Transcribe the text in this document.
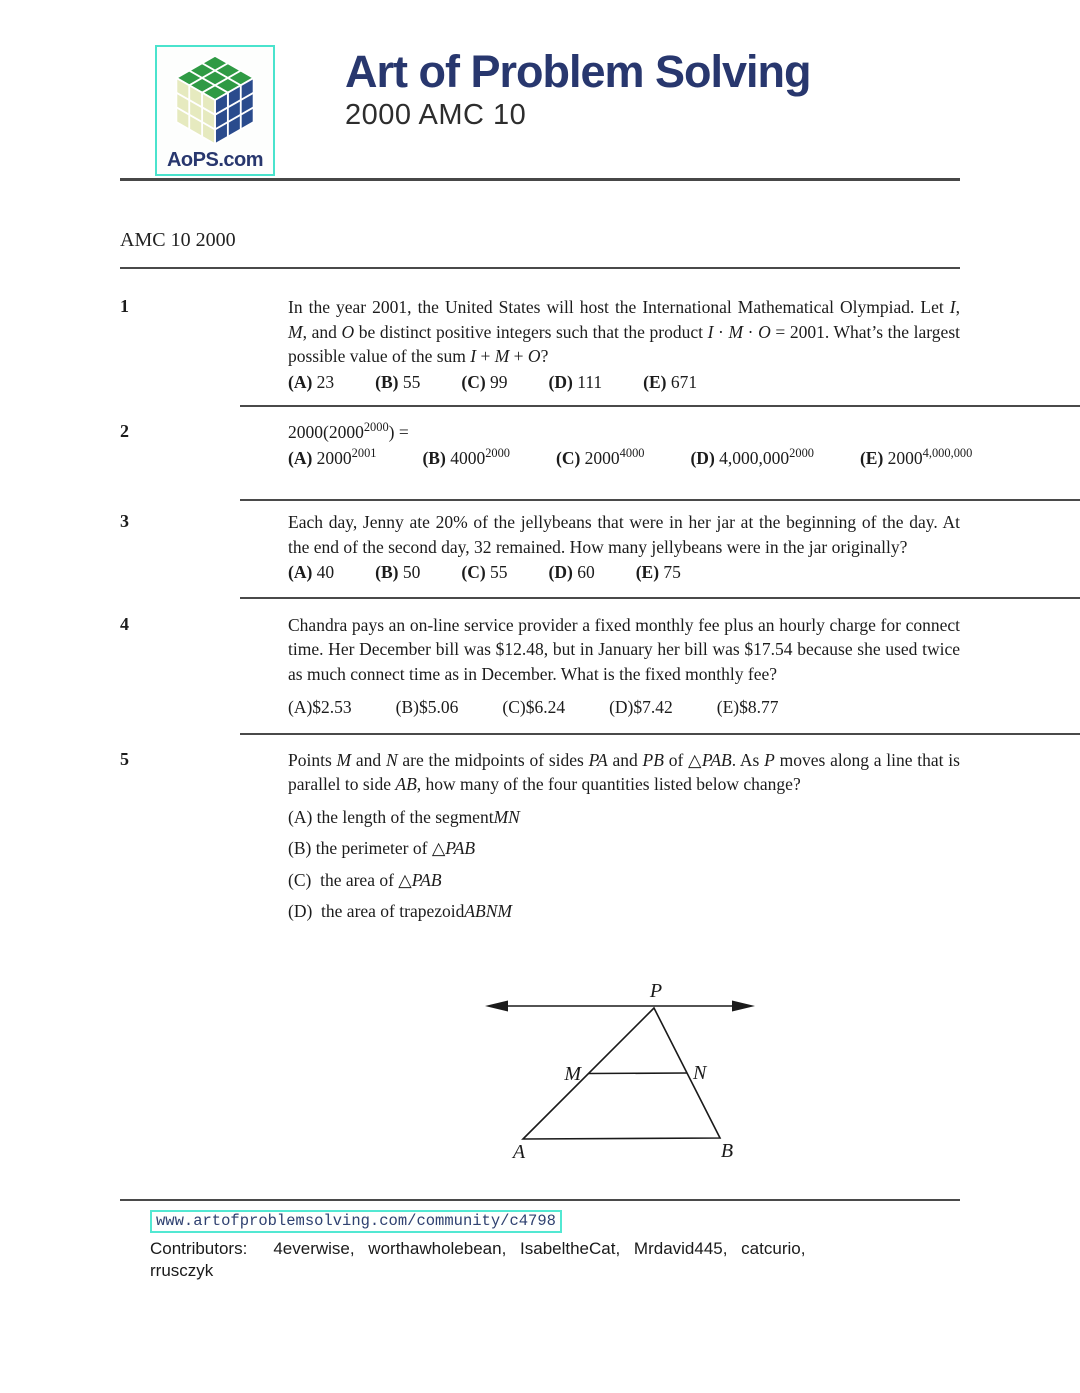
AoPS.com
Art of Problem Solving
2000 AMC 10
AMC 10 2000
1	In the year 2001, the United States will host the International Mathematical Olympiad. Let I, M, and O be distinct positive integers such that the product I · M · O = 2001. What’s the largest possible value of the sum I + M + O?
(A) 23 (B) 55 (C) 99 (D) 111 (E) 671
2	$2000(2000^{2000})$ =
(A) $2000^{2001}$	(B) $4000^{2000}$	(C) $2000^{4000}$	(D) $4,000,000^{2000}$	(E) 2000$^{4,000,000}$
3	Each day, Jenny ate 20% of the jellybeans that were in her jar at the beginning of the day. At the end of the second day, 32 remained. How many jellybeans were in the jar originally?
(A) 40 (B) 50 (C) 55 (D) 60 (E) 75
4	Chandra pays an on-line service provider a fixed monthly fee plus an hourly charge for connect time. Her December bill was $12.48, but in January her bill was $17.54 because she used twice as much connect time as in December. What is the fixed monthly fee?
(A)$2.53	(B)$5.06	(C)$6.24	(D)$7.42	(E)$8.77
5	Points M and N are the midpoints of sides PA and PB of △PAB. As P moves along a line that is parallel to side AB, how many of the four quantities listed below change?
(A) the length of the segmentMN
(B) the perimeter of △PAB
(C)  the area of △PAB
(D)  the area of trapezoidABNM
P
M	N
A	B
www.artofproblemsolving.com/community/c4798

Contributors: 4everwise, worthawholebean, IsabeltheCat, Mrdavid445, catcurio, rrusczyk
